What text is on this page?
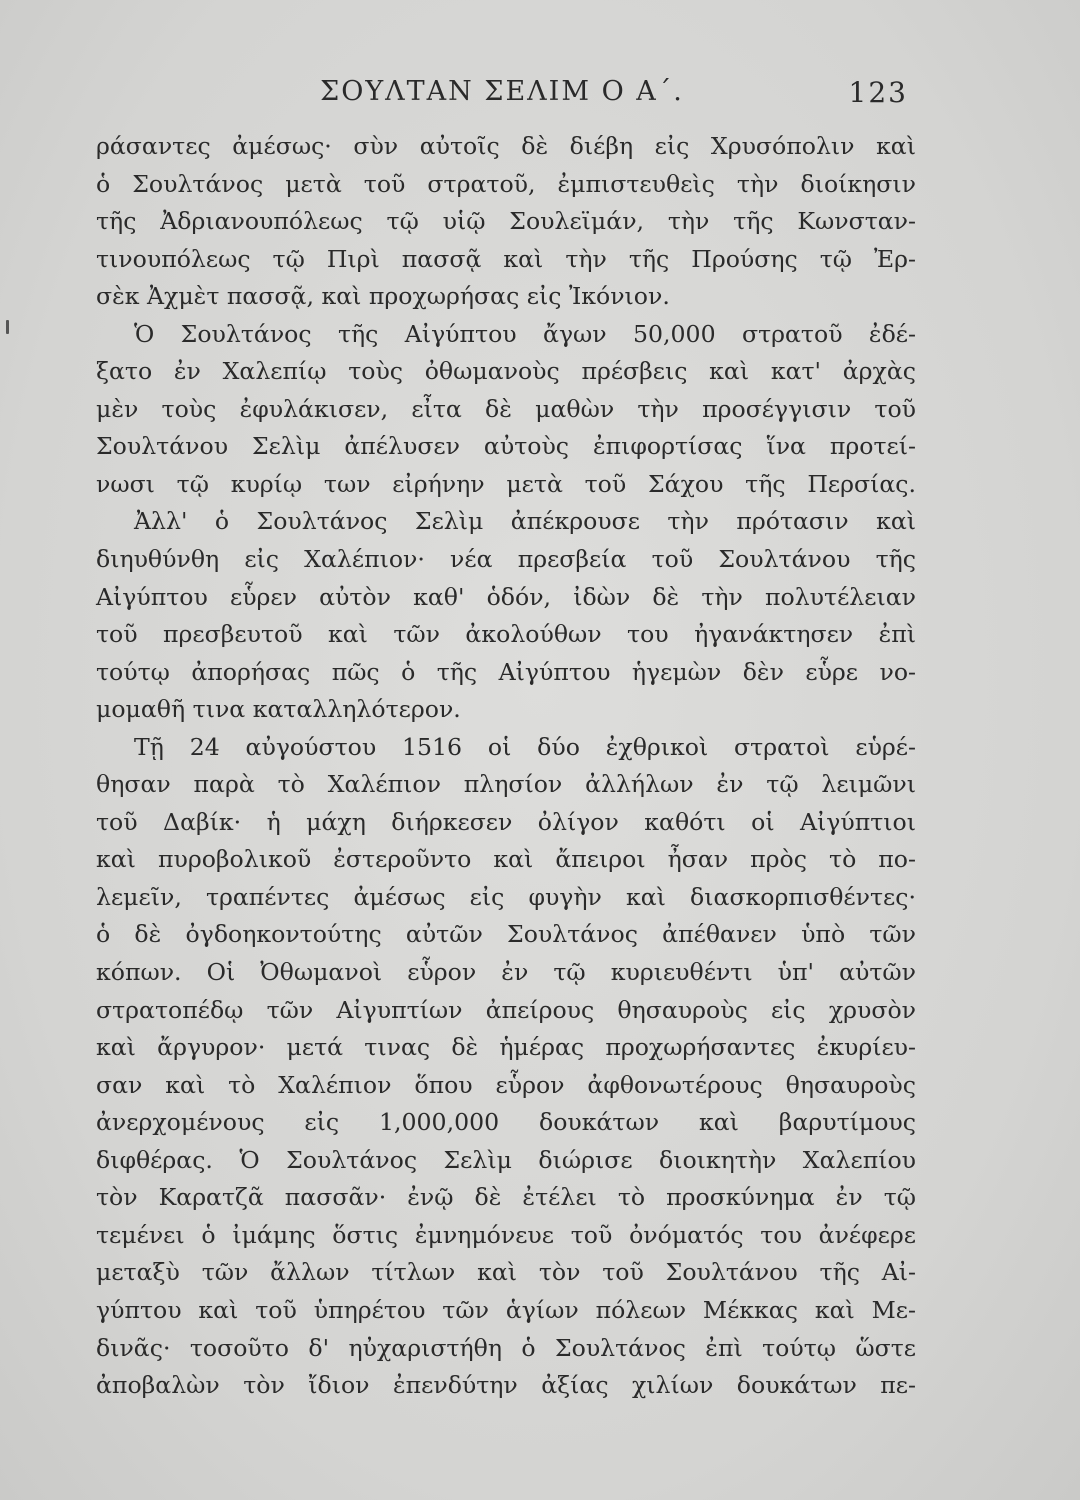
ΣΟΥΛΤΑΝ ΣΕΛΙΜ Ο Α΄.	123
ράσαντες ἀμέσως· σὺν αὐτοῖς δὲ διέβη εἰς Χρυσόπολιν καὶ
ὁ Σουλτάνος μετὰ τοῦ στρατοῦ, ἐμπιστευθεὶς τὴν διοίκησιν
τῆς Ἀδριανουπόλεως τῷ υἱῷ Σουλεϊμάν, τὴν τῆς Κωνσταν-
τινουπόλεως τῷ Πιρὶ πασσᾷ καὶ τὴν τῆς Προύσης τῷ Ἐρ-
σὲκ Ἀχμὲτ πασσᾷ, καὶ προχωρήσας εἰς Ἰκόνιον.
Ὁ Σουλτάνος τῆς Αἰγύπτου ἄγων 50,000 στρατοῦ ἐδέ-
ξατο ἐν Χαλεπίῳ τοὺς ὀθωμανοὺς πρέσβεις καὶ κατ' ἀρχὰς
μὲν τοὺς ἐφυλάκισεν, εἶτα δὲ μαθὼν τὴν προσέγγισιν τοῦ
Σουλτάνου Σελὶμ ἀπέλυσεν αὐτοὺς ἐπιφορτίσας ἵνα προτεί-
νωσι τῷ κυρίῳ των εἰρήνην μετὰ τοῦ Σάχου τῆς Περσίας.
Ἀλλ' ὁ Σουλτάνος Σελὶμ ἀπέκρουσε τὴν πρότασιν καὶ
διηυθύνθη εἰς Χαλέπιον· νέα πρεσβεία τοῦ Σουλτάνου τῆς
Αἰγύπτου εὗρεν αὐτὸν καθ' ὁδόν, ἰδὼν δὲ τὴν πολυτέλειαν
τοῦ πρεσβευτοῦ καὶ τῶν ἀκολούθων του ἠγανάκτησεν ἐπὶ
τούτῳ ἀπορήσας πῶς ὁ τῆς Αἰγύπτου ἡγεμὼν δὲν εὗρε νο-
μομαθῆ τινα καταλληλότερον.
Τῇ 24 αὐγούστου 1516 οἱ δύο ἐχθρικοὶ στρατοὶ εὑρέ-
θησαν παρὰ τὸ Χαλέπιον πλησίον ἀλλήλων ἐν τῷ λειμῶνι
τοῦ Δαβίκ· ἡ μάχη διήρκεσεν ὀλίγον καθότι οἱ Αἰγύπτιοι
καὶ πυροβολικοῦ ἐστεροῦντο καὶ ἄπειροι ἦσαν πρὸς τὸ πο-
λεμεῖν, τραπέντες ἀμέσως εἰς φυγὴν καὶ διασκορπισθέντες·
ὁ δὲ ὀγδοηκοντούτης αὐτῶν Σουλτάνος ἀπέθανεν ὑπὸ τῶν
κόπων. Οἱ Ὀθωμανοὶ εὗρον ἐν τῷ κυριευθέντι ὑπ' αὐτῶν
στρατοπέδῳ τῶν Αἰγυπτίων ἀπείρους θησαυροὺς εἰς χρυσὸν
καὶ ἄργυρον· μετά τινας δὲ ἡμέρας προχωρήσαντες ἐκυρίευ-
σαν καὶ τὸ Χαλέπιον ὅπου εὗρον ἀφθονωτέρους θησαυροὺς
ἀνερχομένους εἰς 1,000,000 δουκάτων καὶ βαρυτίμους
διφθέρας. Ὁ Σουλτάνος Σελὶμ διώρισε διοικητὴν Χαλεπίου
τὸν Καρατζᾶ πασσᾶν· ἐνῷ δὲ ἐτέλει τὸ προσκύνημα ἐν τῷ
τεμένει ὁ ἰμάμης ὅστις ἐμνημόνευε τοῦ ὀνόματός του ἀνέφερε
μεταξὺ τῶν ἄλλων τίτλων καὶ τὸν τοῦ Σουλτάνου τῆς Αἰ-
γύπτου καὶ τοῦ ὑπηρέτου τῶν ἁγίων πόλεων Μέκκας καὶ Με-
δινᾶς· τοσοῦτο δ' ηὐχαριστήθη ὁ Σουλτάνος ἐπὶ τούτῳ ὥστε
ἀποβαλὼν τὸν ἴδιον ἐπενδύτην ἀξίας χιλίων δουκάτων πε-
